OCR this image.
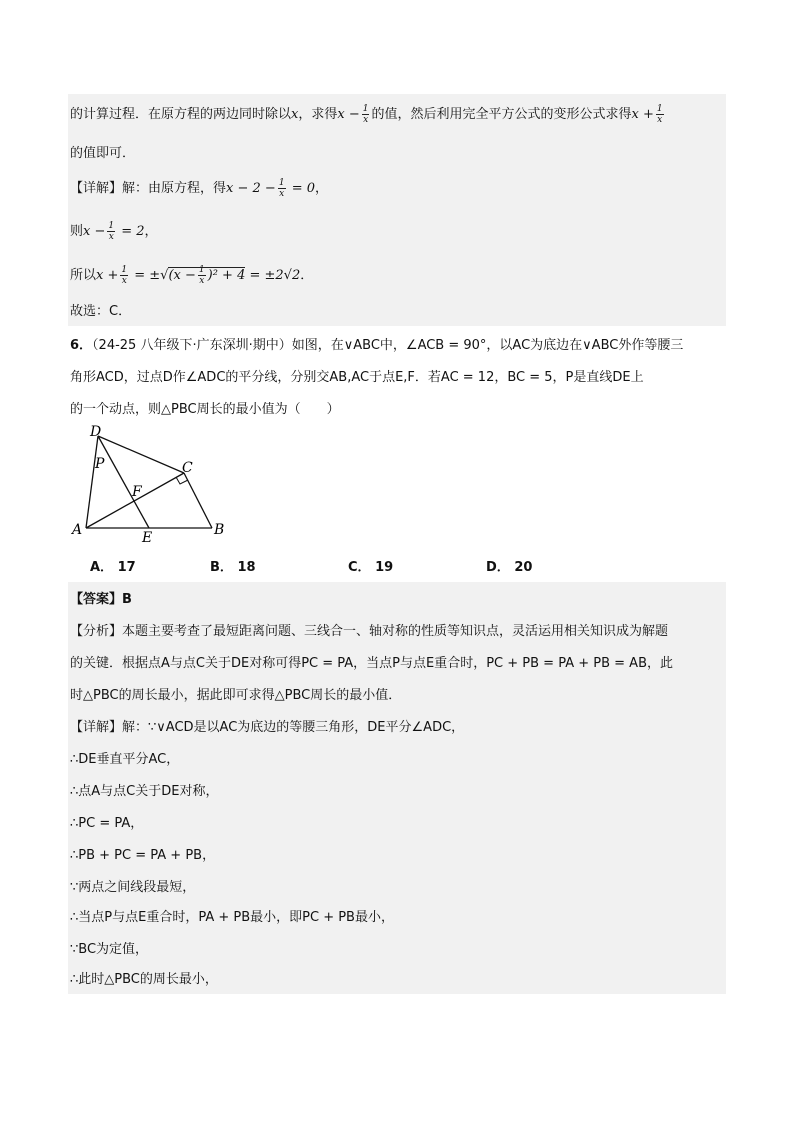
的计算过程．在原方程的两边同时除以x，求得$x - \frac{1}{x}$ 的值，然后利用完全平方公式的变形公式求得$x + \frac{1}{x}$
的值即可．
【详解】解：由原方程，得$x - 2 - \frac{1}{x} = 0$，
则$x - \frac{1}{x} = 2$，
所以$x + \frac{1}{x} = \pm√(x - \frac{1}{x} )^2 + 4 = \pm 2√2$．
故选：C．
6．（24-25 八年级下·广东深圳·期中）如图，在∨ABC中，∠ACB = 90°，以AC为底边在∨ABC外作等腰三
角形ACD，过点D作∠ADC的平分线，分别交AB,AC于点E,F．若AC = 12，BC = 5，P是直线DE上
的一个动点，则△PBC周长的最小值为（　　）
D
P	C
F
A	E	B
A． 17	B． 18	C． 19	D． 20
【答案】B
【分析】本题主要考查了最短距离问题、三线合一、轴对称的性质等知识点，灵活运用相关知识成为解题
的关键．根据点A与点C关于DE对称可得PC = PA，当点P与点E重合时，PC + PB = PA + PB = AB，此
时△PBC的周长最小，据此即可求得△PBC周长的最小值．
【详解】解：∵∨ACD是以AC为底边的等腰三角形，DE平分∠ADC，
∴DE垂直平分AC，
∴点A与点C关于DE对称，
∴PC = PA，
∴PB + PC = PA + PB，
∵两点之间线段最短，
∴当点P与点E重合时，PA + PB最小，即PC + PB最小，
∵BC为定值，
∴此时△PBC的周长最小，
